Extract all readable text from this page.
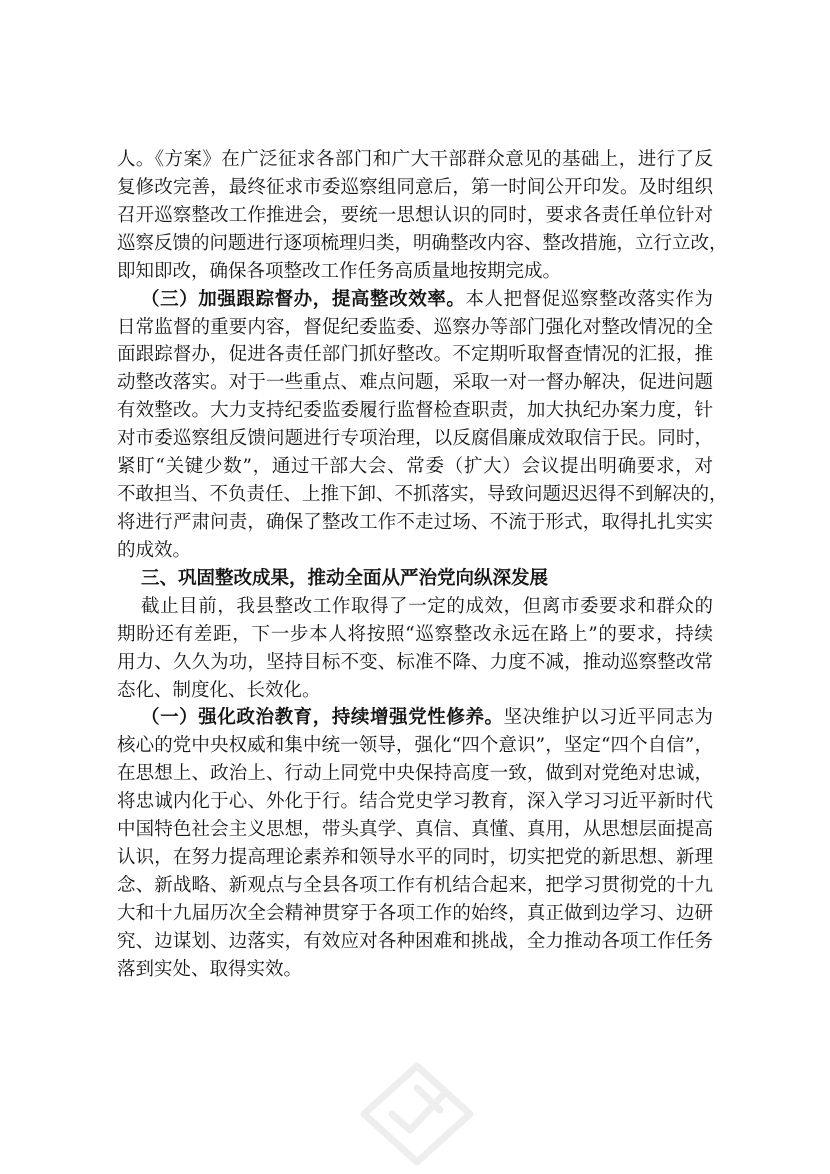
人。《方案》在广泛征求各部门和广大干部群众意见的基础上，进行了反
复修改完善，最终征求市委巡察组同意后，第一时间公开印发。及时组织
召开巡察整改工作推进会，要统一思想认识的同时，要求各责任单位针对
巡察反馈的问题进行逐项梳理归类，明确整改内容、整改措施，立行立改，
即知即改，确保各项整改工作任务高质量地按期完成。
（三）加强跟踪督办，提高整改效率。本人把督促巡察整改落实作为
日常监督的重要内容，督促纪委监委、巡察办等部门强化对整改情况的全
面跟踪督办，促进各责任部门抓好整改。不定期听取督查情况的汇报，推
动整改落实。对于一些重点、难点问题，采取一对一督办解决，促进问题
有效整改。大力支持纪委监委履行监督检查职责，加大执纪办案力度，针
对市委巡察组反馈问题进行专项治理，以反腐倡廉成效取信于民。同时，
紧盯“关键少数”，通过干部大会、常委（扩大）会议提出明确要求，对
不敢担当、不负责任、上推下卸、不抓落实，导致问题迟迟得不到解决的，
将进行严肃问责，确保了整改工作不走过场、不流于形式，取得扎扎实实
的成效。
三、巩固整改成果，推动全面从严治党向纵深发展
截止目前，我县整改工作取得了一定的成效，但离市委要求和群众的
期盼还有差距，下一步本人将按照“巡察整改永远在路上”的要求，持续
用力、久久为功，坚持目标不变、标准不降、力度不减，推动巡察整改常
态化、制度化、长效化。
（一）强化政治教育，持续增强党性修养。坚决维护以习近平同志为
核心的党中央权威和集中统一领导，强化“四个意识”，坚定“四个自信”，
在思想上、政治上、行动上同党中央保持高度一致，做到对党绝对忠诚，
将忠诚内化于心、外化于行。结合党史学习教育，深入学习习近平新时代
中国特色社会主义思想，带头真学、真信、真懂、真用，从思想层面提高
认识，在努力提高理论素养和领导水平的同时，切实把党的新思想、新理
念、新战略、新观点与全县各项工作有机结合起来，把学习贯彻党的十九
大和十九届历次全会精神贯穿于各项工作的始终，真正做到边学习、边研
究、边谋划、边落实，有效应对各种困难和挑战，全力推动各项工作任务
落到实处、取得实效。
